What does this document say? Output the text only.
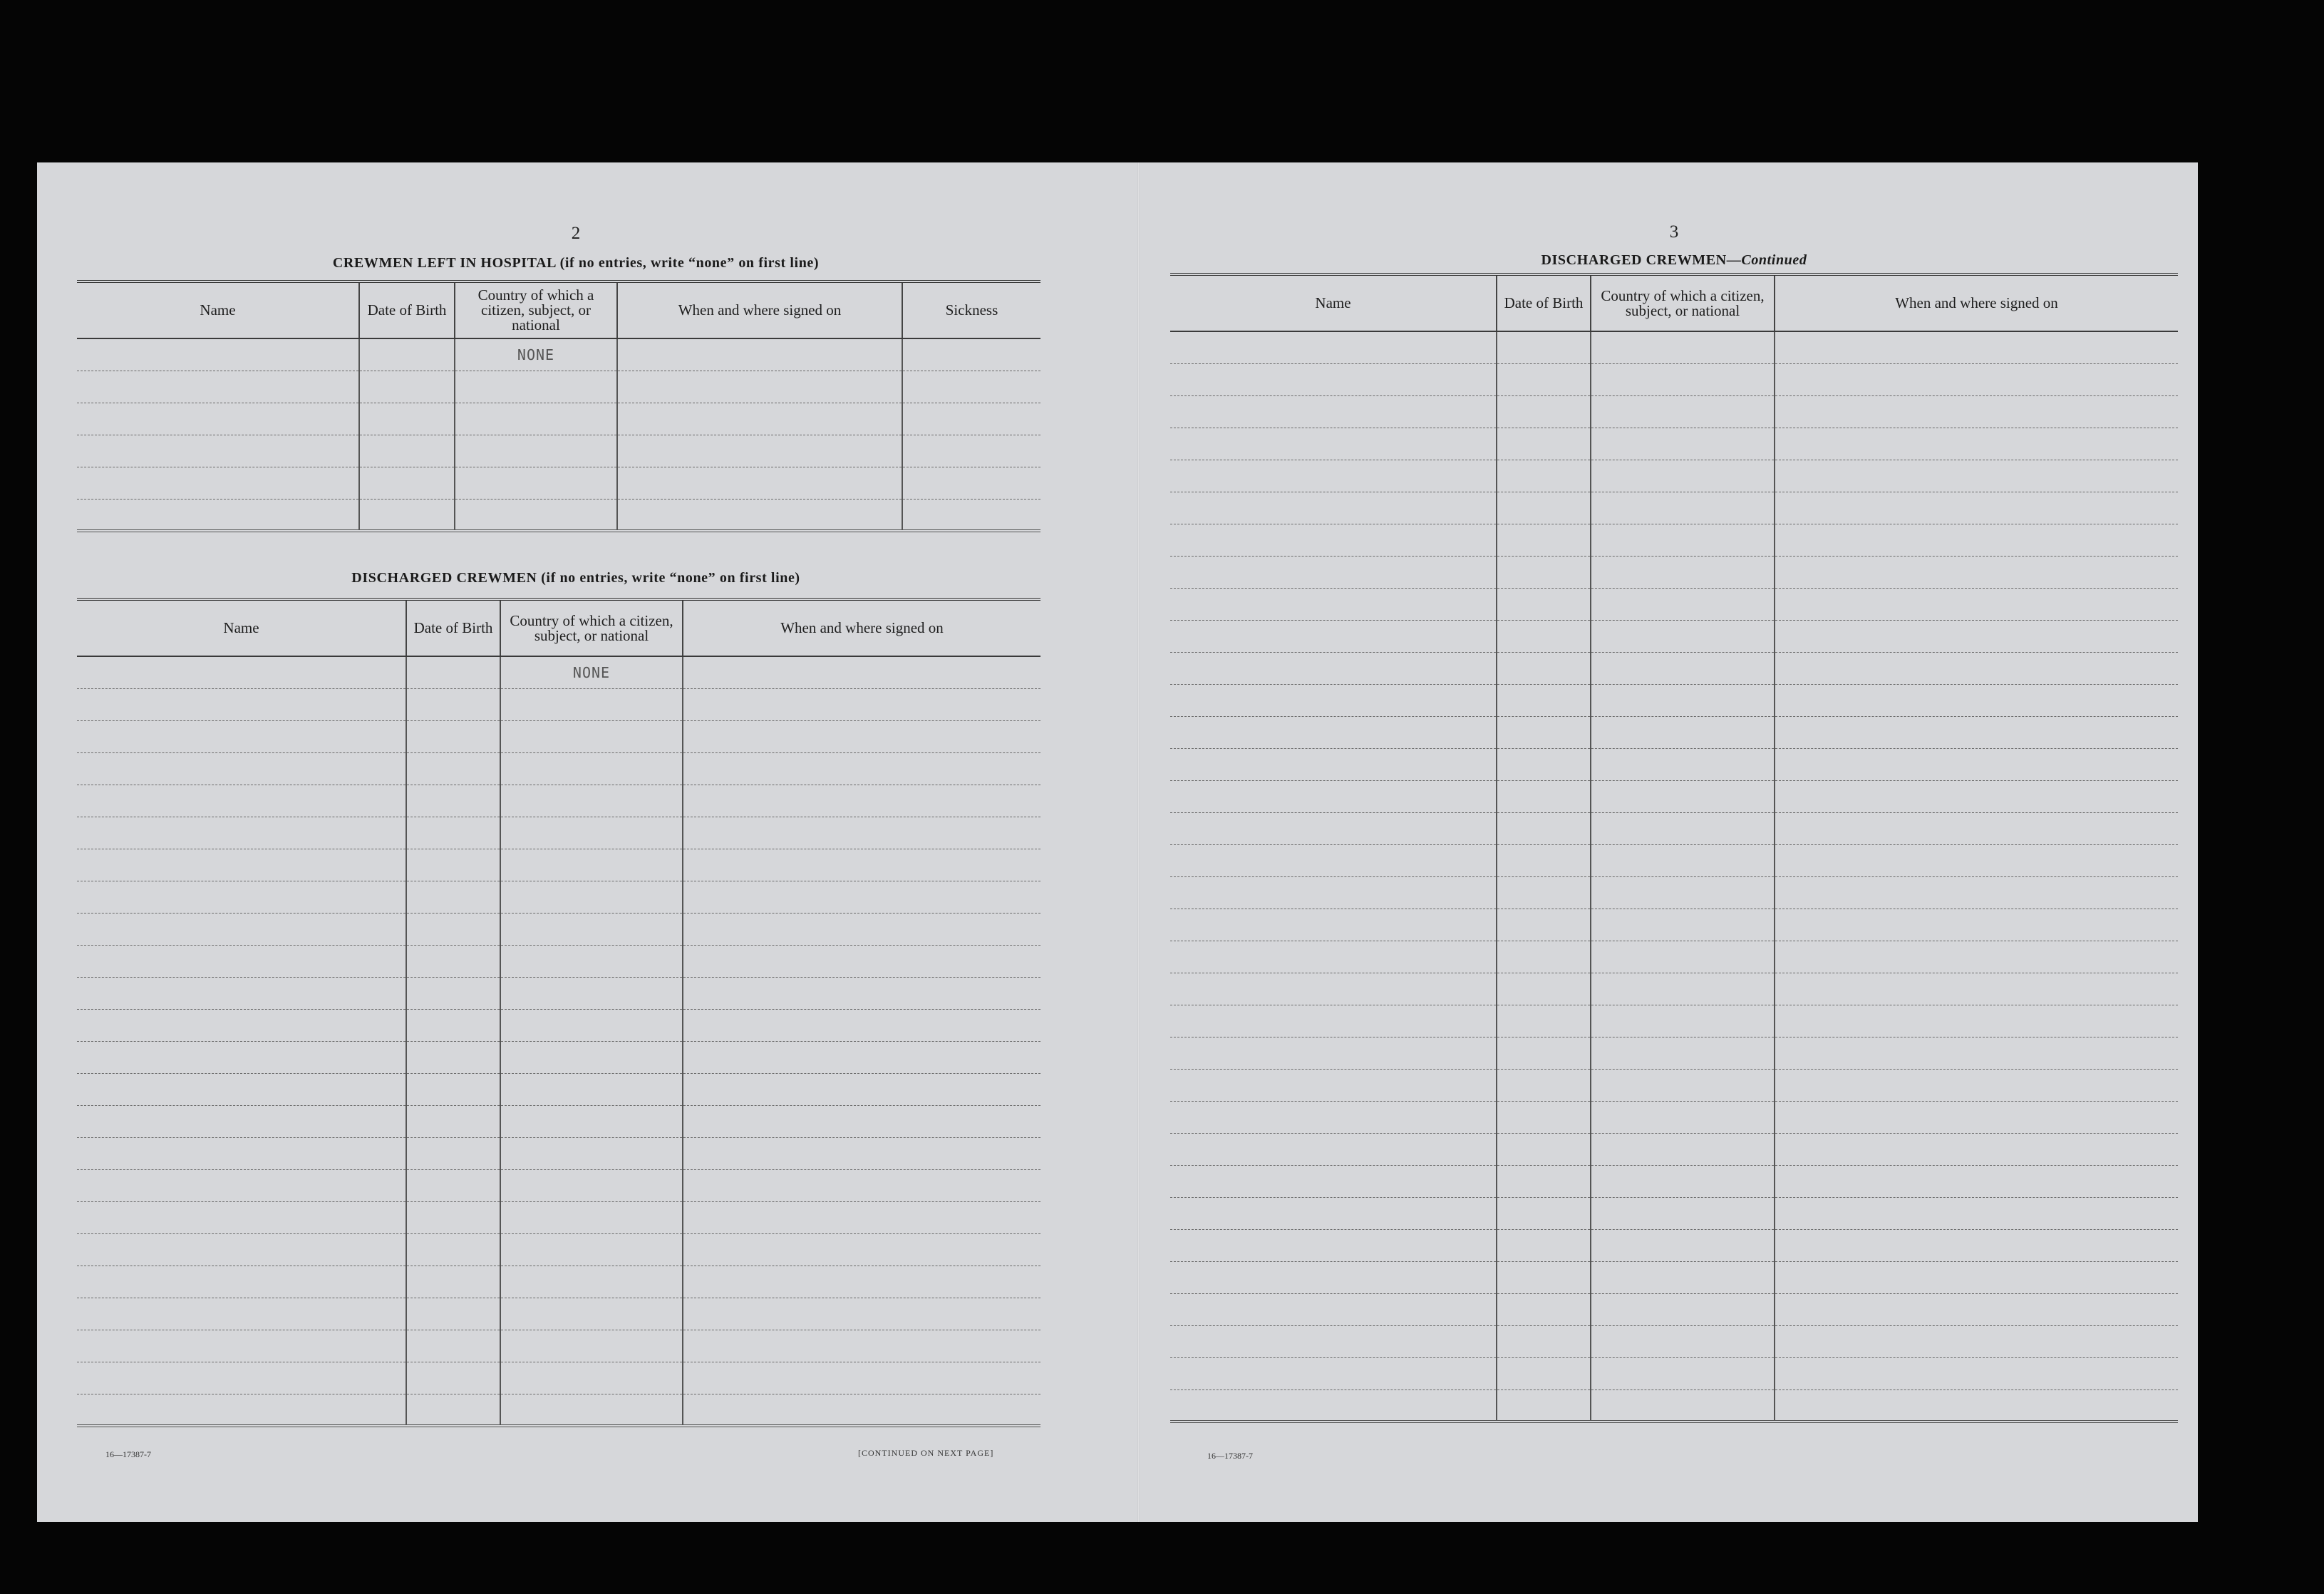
2
CREWMEN LEFT IN HOSPITAL (if no entries, write “none” on first line)
Name	Date of Birth	Country of which a citizen, subject, or national	When and where signed on	Sickness
		NONE		

DISCHARGED CREWMEN (if no entries, write “none” on first line)
Name	Date of Birth	Country of which a citizen, subject, or national	When and where signed on
		NONE	

16—17387-7	[CONTINUED ON NEXT PAGE]
3
DISCHARGED CREWMEN—Continued
Name	Date of Birth	Country of which a citizen, subject, or national	When and where signed on

16—17387-7
